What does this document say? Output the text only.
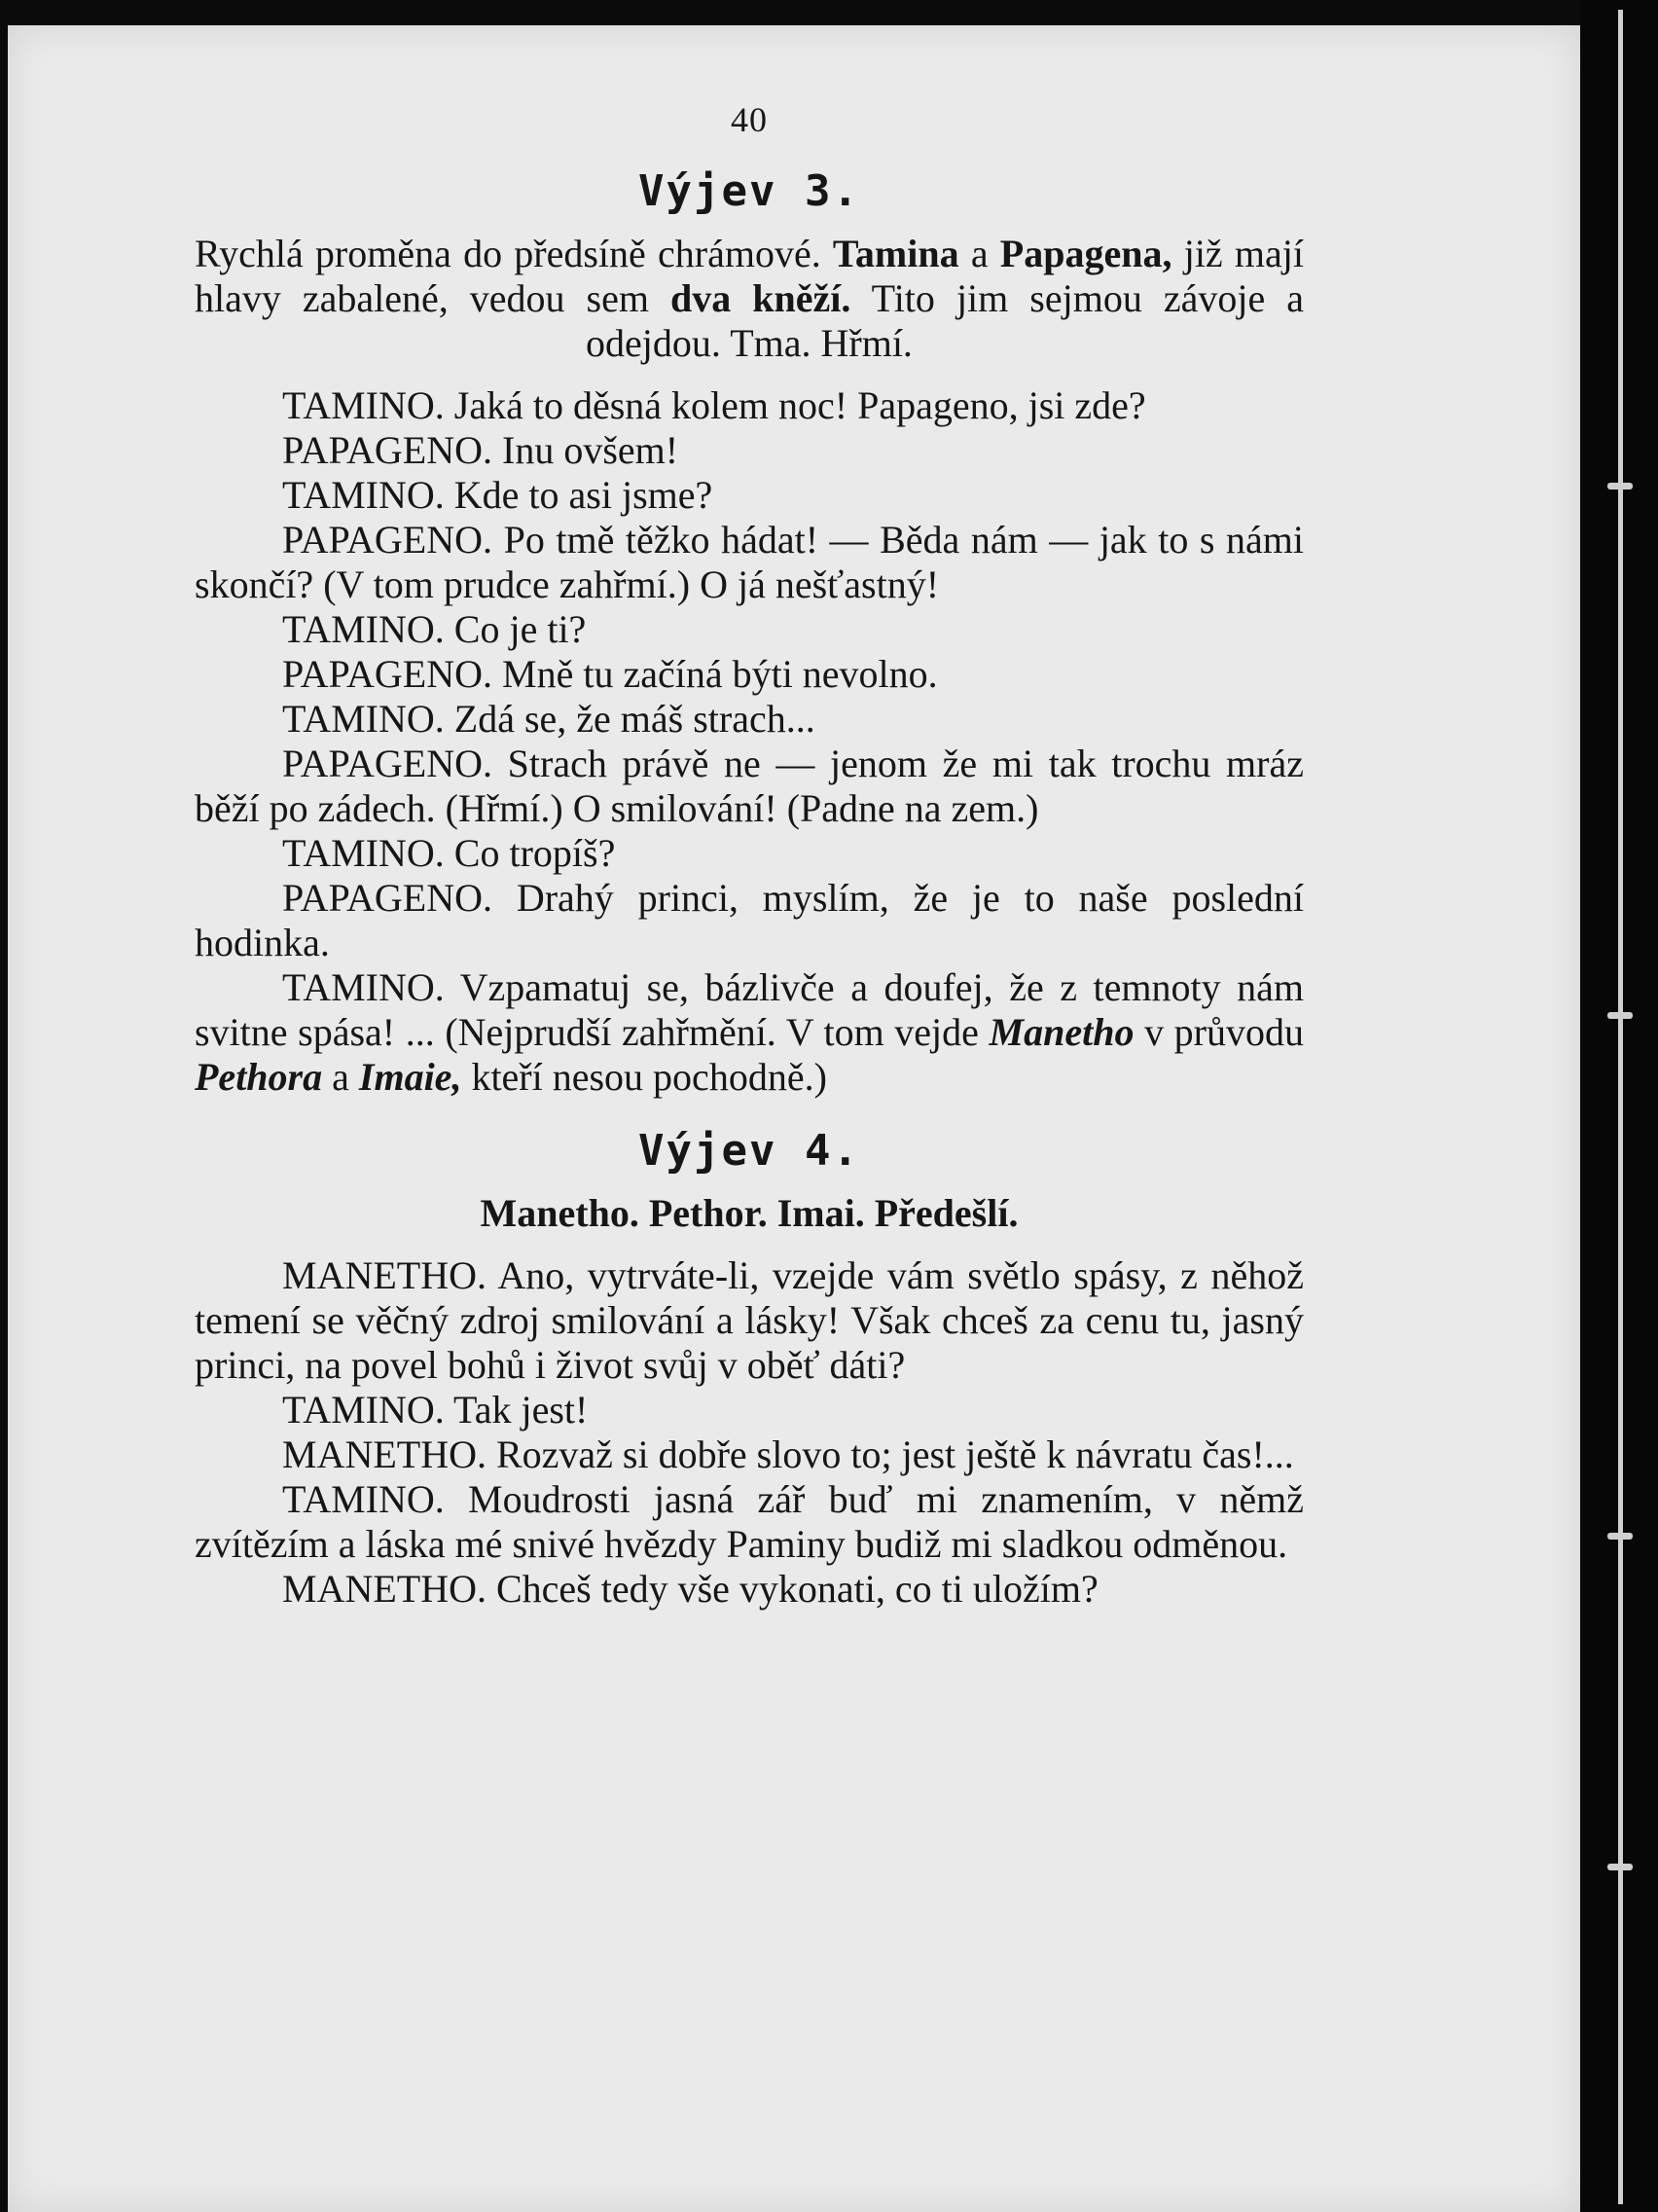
40
Výjev 3.
Rychlá proměna do předsíně chrámové. Tamina a Papagena, již mají hlavy zabalené, vedou sem dva kněží. Tito jim sejmou závoje a odejdou. Tma. Hřmí.
TAMINO. Jaká to děsná kolem noc! Papageno, jsi zde?
PAPAGENO. Inu ovšem!
TAMINO. Kde to asi jsme?
PAPAGENO. Po tmě těžko hádat! — Běda nám — jak to s námi skončí? (V tom prudce zahřmí.) O já nešťastný!
TAMINO. Co je ti?
PAPAGENO. Mně tu začíná býti nevolno.
TAMINO. Zdá se, že máš strach...
PAPAGENO. Strach právě ne — jenom že mi tak trochu mráz běží po zádech. (Hřmí.) O smilování! (Padne na zem.)
TAMINO. Co tropíš?
PAPAGENO. Drahý princi, myslím, že je to naše poslední hodinka.
TAMINO. Vzpamatuj se, bázlivče a doufej, že z temnoty nám svitne spása! ... (Nejprudší zahřmění. V tom vejde Manetho v průvodu Pethora a Imaie, kteří nesou pochodně.)
Výjev 4.
Manetho. Pethor. Imai. Předešlí.
MANETHO. Ano, vytrváte-li, vzejde vám světlo spásy, z něhož temení se věčný zdroj smilování a lásky! Však chceš za cenu tu, jasný princi, na povel bohů i život svůj v oběť dáti?
TAMINO. Tak jest!
MANETHO. Rozvaž si dobře slovo to; jest ještě k návratu čas!...
TAMINO. Moudrosti jasná zář buď mi znamením, v němž zvítězím a láska mé snivé hvězdy Paminy budiž mi sladkou odměnou.
MANETHO. Chceš tedy vše vykonati, co ti uložím?
